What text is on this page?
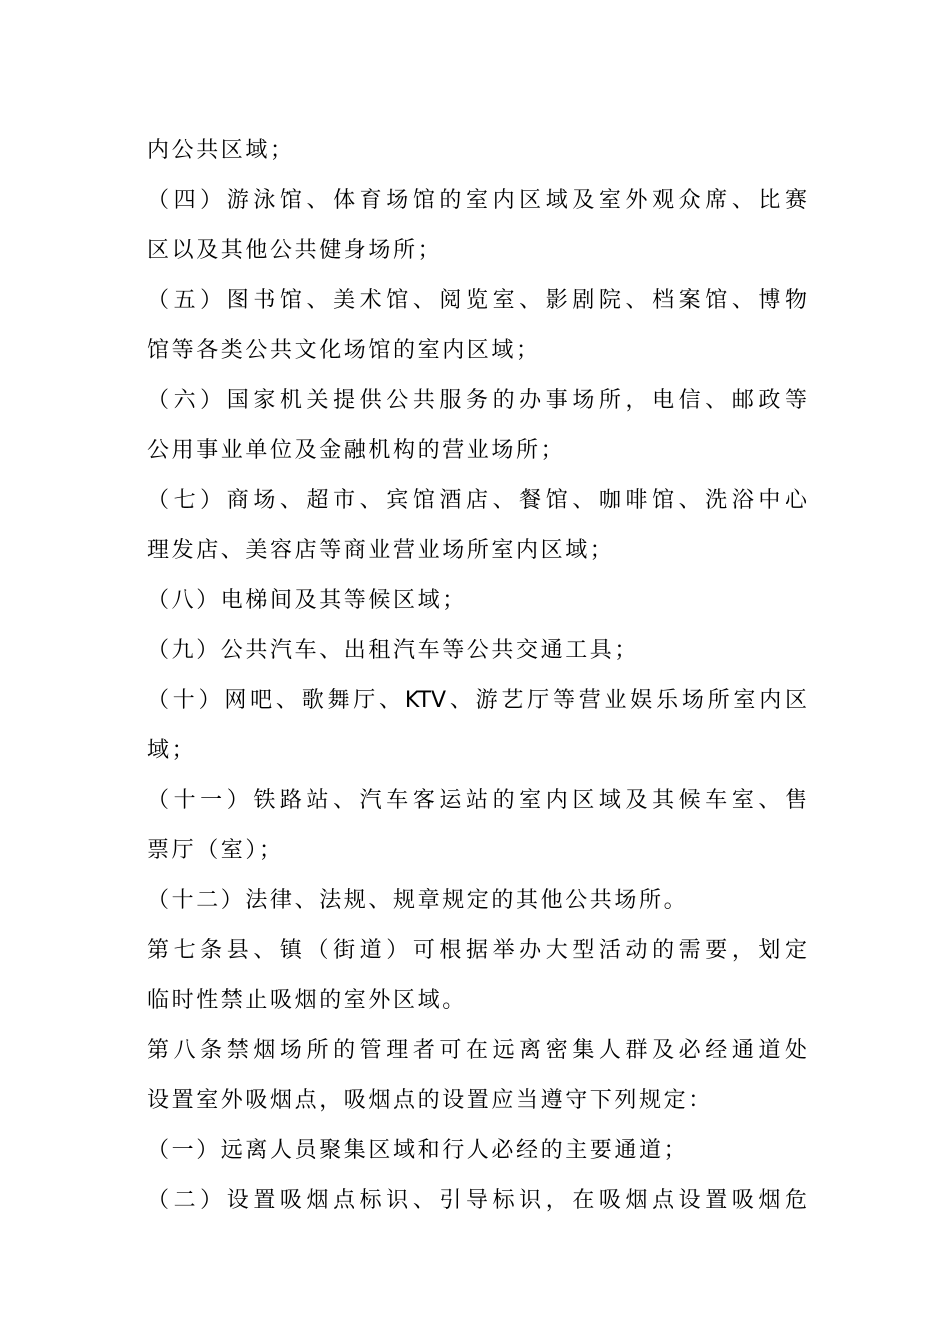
内公共区域；
（四）游泳馆、体育场馆的室内区域及室外观众席、比赛
区以及其他公共健身场所；
（五）图书馆、美术馆、阅览室、影剧院、档案馆、博物
馆等各类公共文化场馆的室内区域；
（六）国家机关提供公共服务的办事场所，电信、邮政等
公用事业单位及金融机构的营业场所；
（七）商场、超市、宾馆酒店、餐馆、咖啡馆、洗浴中心
理发店、美容店等商业营业场所室内区域；
（八）电梯间及其等候区域；
（九）公共汽车、出租汽车等公共交通工具；
（十）网吧、歌舞厅、KTV、游艺厅等营业娱乐场所室内区
域；
（十一）铁路站、汽车客运站的室内区域及其候车室、售
票厅（室）；
（十二）法律、法规、规章规定的其他公共场所。
第七条县、镇（街道）可根据举办大型活动的需要，划定
临时性禁止吸烟的室外区域。
第八条禁烟场所的管理者可在远离密集人群及必经通道处
设置室外吸烟点，吸烟点的设置应当遵守下列规定：
（一）远离人员聚集区域和行人必经的主要通道；
（二）设置吸烟点标识、引导标识，在吸烟点设置吸烟危
